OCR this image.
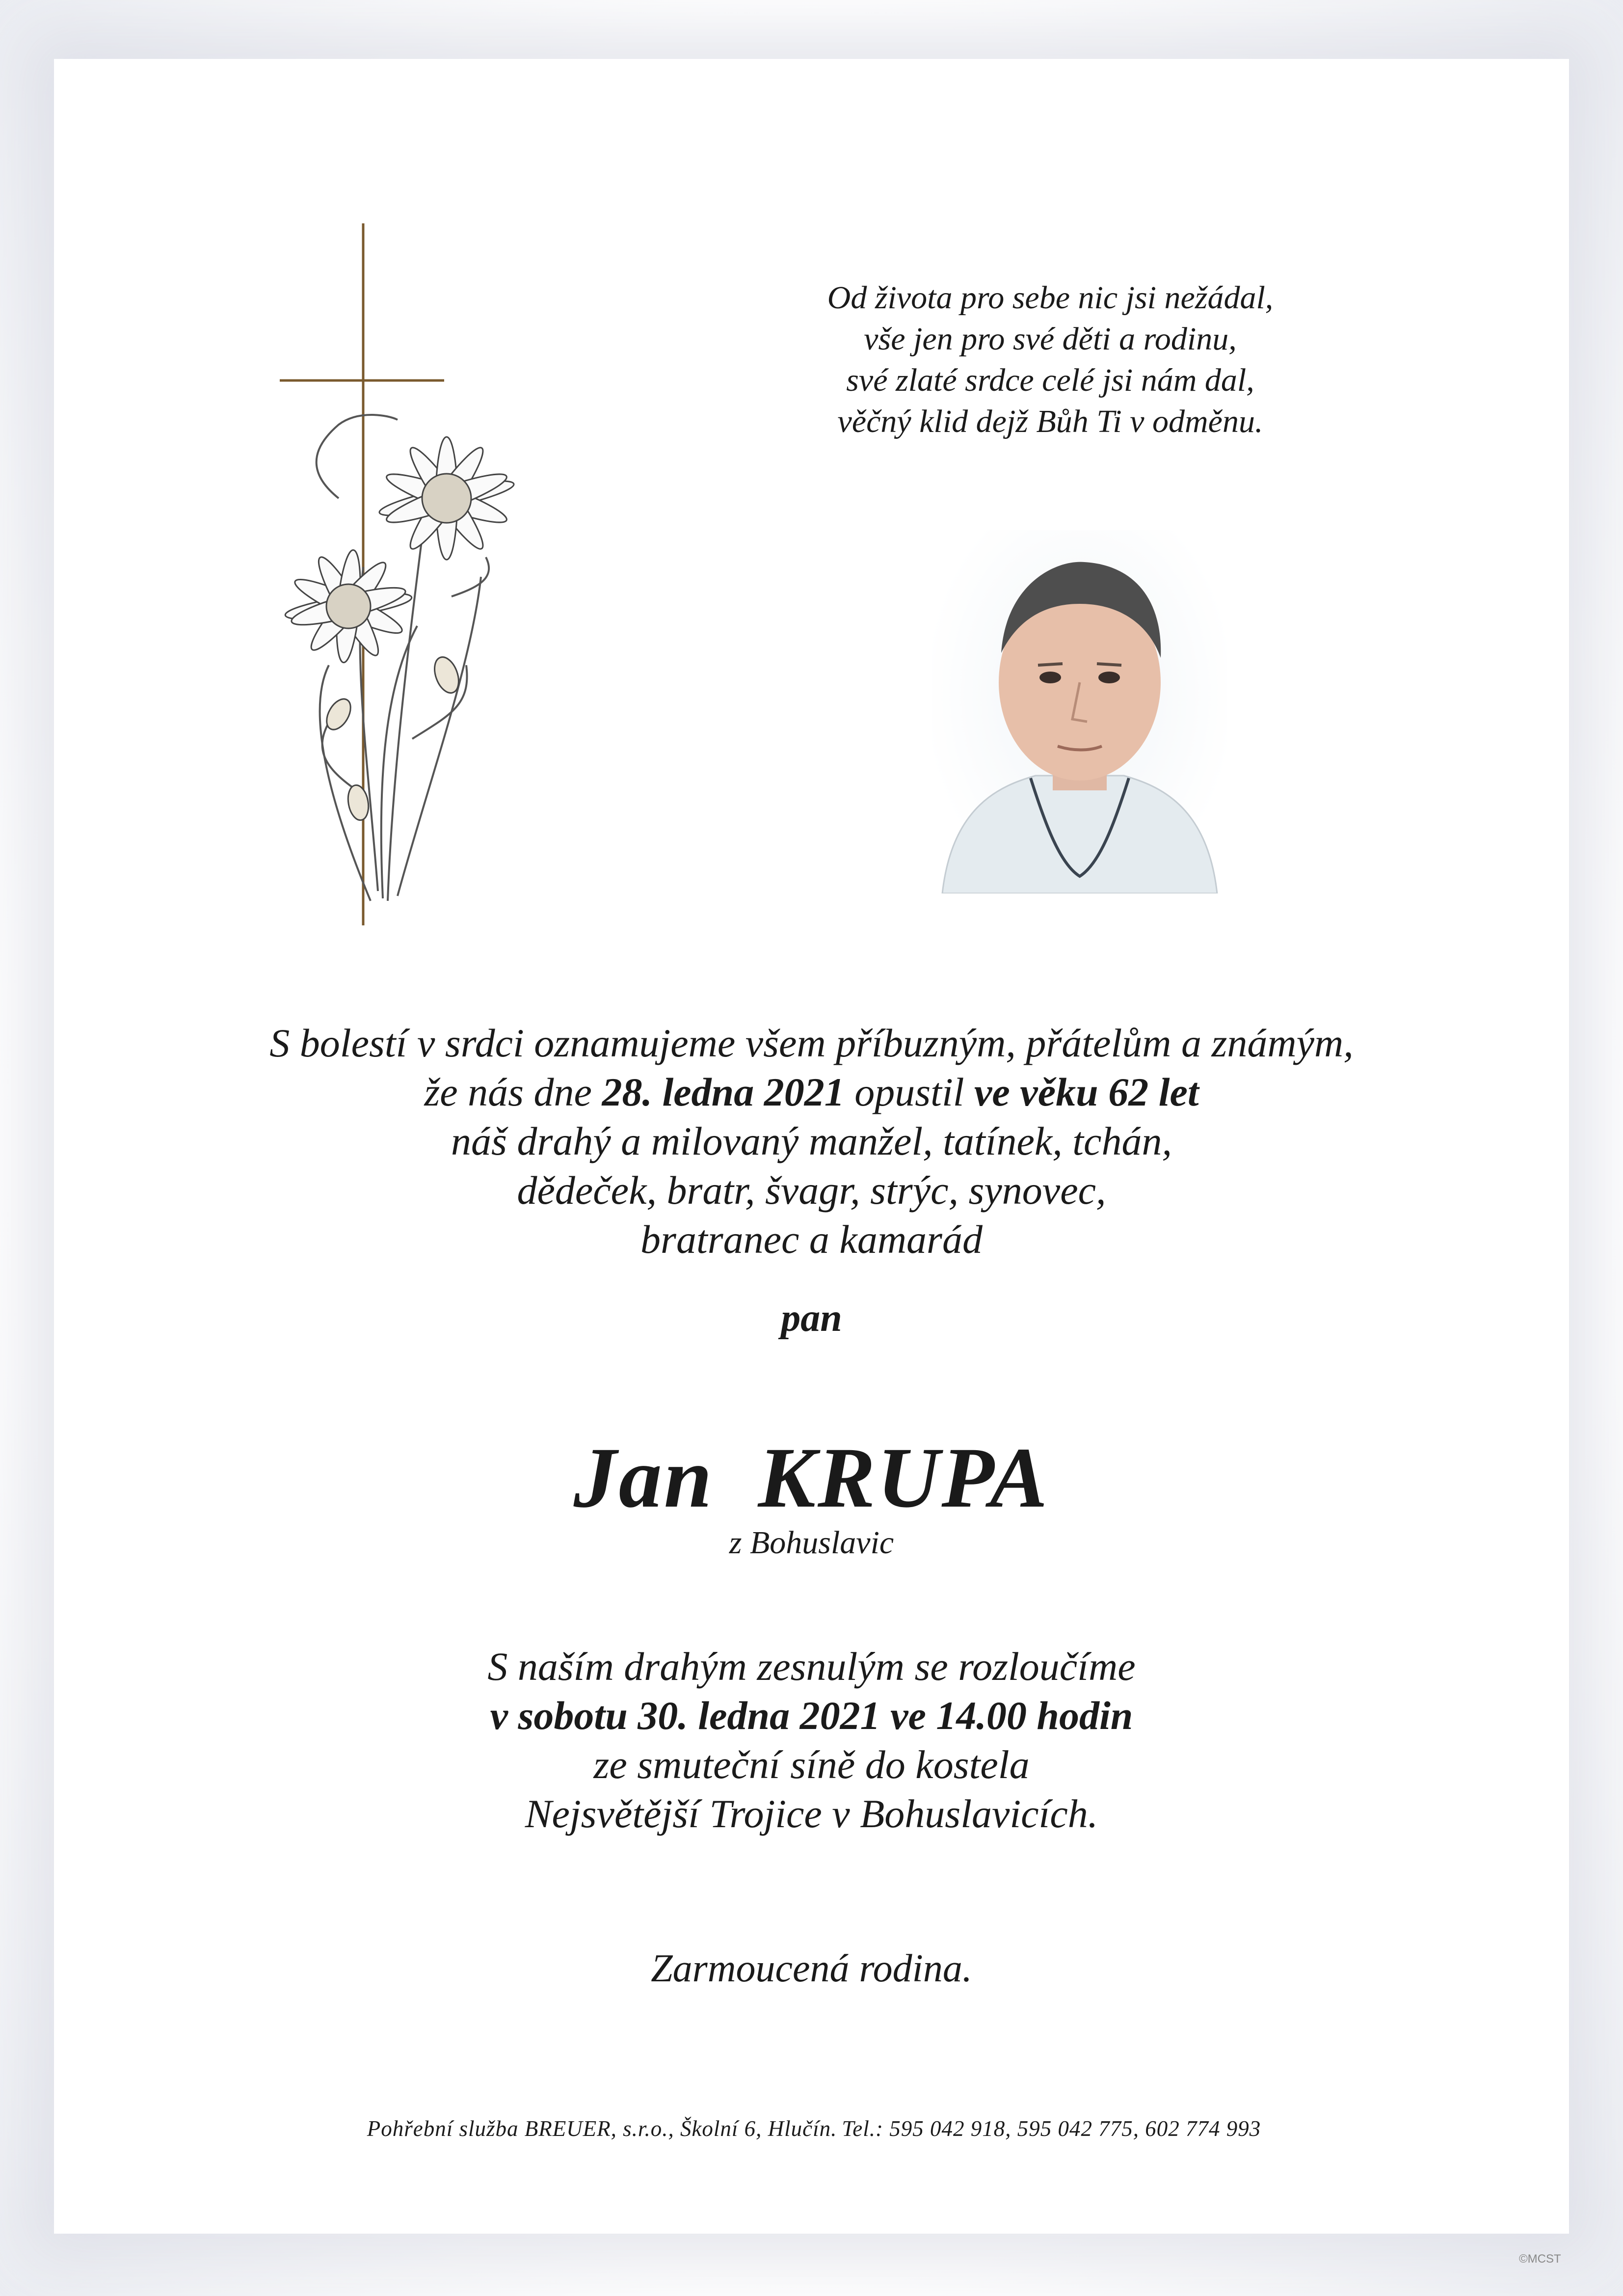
Od života pro sebe nic jsi nežádal,
vše jen pro své děti a rodinu,
své zlaté srdce celé jsi nám dal,
věčný klid dejž Bůh Ti v odměnu.
S bolestí v srdci oznamujeme všem příbuzným, přátelům a známým,
že nás dne 28. ledna 2021 opustil ve věku 62 let
náš drahý a milovaný manžel, tatínek, tchán,
dědeček, bratr, švagr, strýc, synovec,
bratranec a kamarád
pan
Jan KRUPA
z Bohuslavic
S naším drahým zesnulým se rozloučíme
v sobotu 30. ledna 2021 ve 14.00 hodin
ze smuteční síně do kostela
Nejsvětější Trojice v Bohuslavicích.
Zarmoucená rodina.
Pohřební služba BREUER, s.r.o., Školní 6, Hlučín. Tel.: 595 042 918, 595 042 775, 602 774 993
©MCST
